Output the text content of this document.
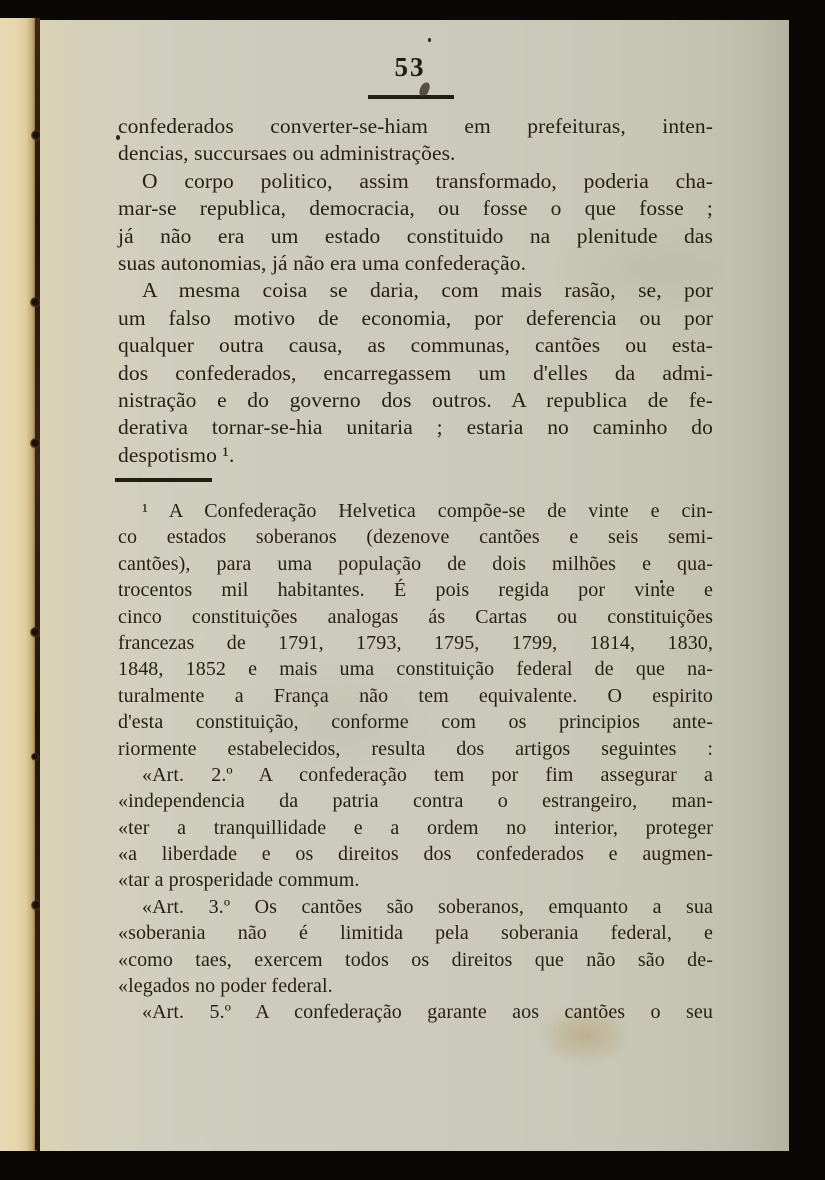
53
confederados converter-se-hiam em prefeituras, inten-
dencias, succursaes ou administrações.
O corpo politico, assim transformado, poderia cha-
mar-se republica, democracia, ou fosse o que fosse ;
já não era um estado constituido na plenitude das
suas autonomias, já não era uma confederação.
A mesma coisa se daria, com mais rasão, se, por
um falso motivo de economia, por deferencia ou por
qualquer outra causa, as communas, cantões ou esta-
dos confederados, encarregassem um d'elles da admi-
nistração e do governo dos outros. A republica de fe-
derativa tornar-se-hia unitaria ; estaria no caminho do
despotismo ¹.
¹ A Confederação Helvetica compõe-se de vinte e cin-
co estados soberanos (dezenove cantões e seis semi-
cantões), para uma população de dois milhões e qua-
trocentos mil habitantes. É pois regida por vinte e
cinco constituições analogas ás Cartas ou constituições
francezas de 1791, 1793, 1795, 1799, 1814, 1830,
1848, 1852 e mais uma constituição federal de que na-
turalmente a França não tem equivalente. O espirito
d'esta constituição, conforme com os principios ante-
riormente estabelecidos, resulta dos artigos seguintes :
«Art. 2.º A confederação tem por fim assegurar a
«independencia da patria contra o estrangeiro, man-
«ter a tranquillidade e a ordem no interior, proteger
«a liberdade e os direitos dos confederados e augmen-
«tar a prosperidade commum.
«Art. 3.º Os cantões são soberanos, emquanto a sua
«soberania não é limitida pela soberania federal, e
«como taes, exercem todos os direitos que não são de-
«legados no poder federal.
«Art. 5.º A confederação garante aos cantões o seu
